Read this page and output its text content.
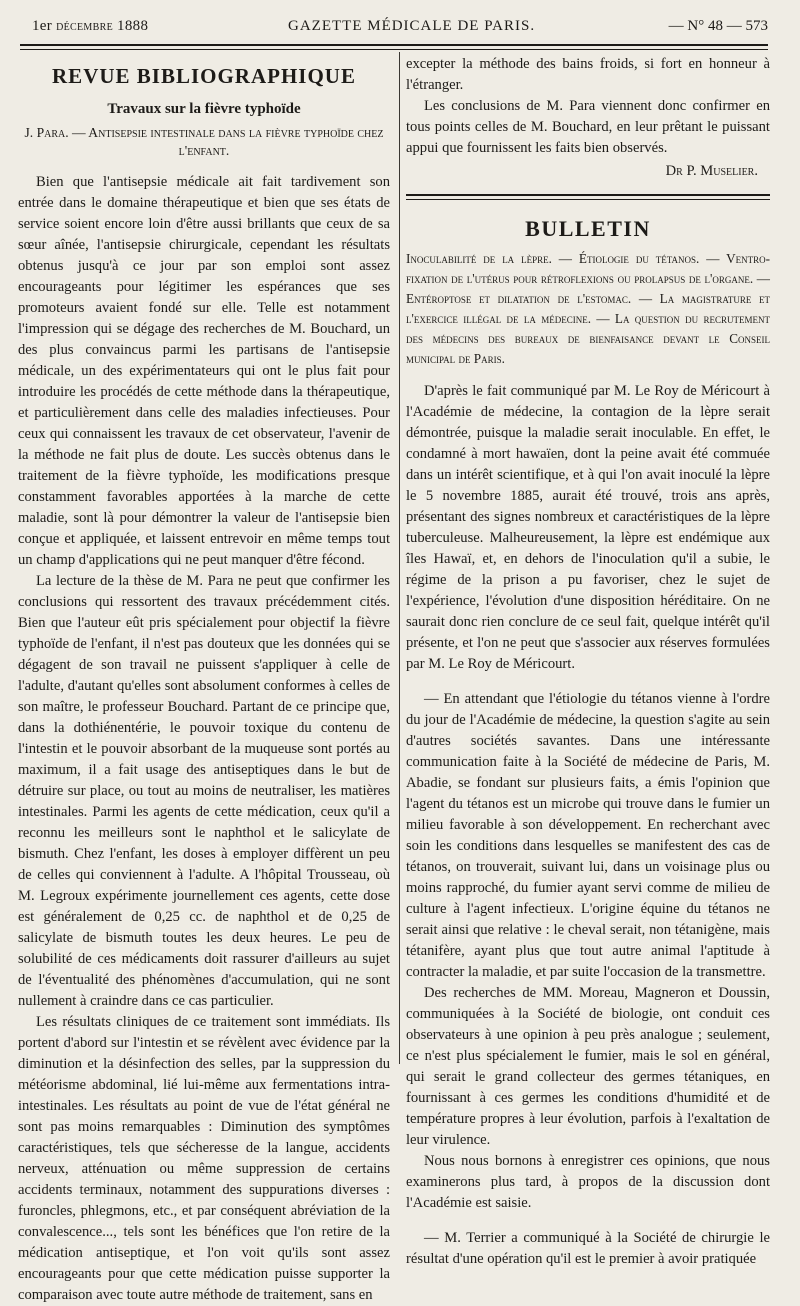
1er décembre 1888	GAZETTE MÉDICALE DE PARIS.	— N° 48 — 573
REVUE BIBLIOGRAPHIQUE
Travaux sur la fièvre typhoïde
J. Para. — Antisepsie intestinale dans la fièvre typhoïde chez l'enfant.

Bien que l'antisepsie médicale ait fait tardivement son entrée dans le domaine thérapeutique et bien que ses états de service soient encore loin d'être aussi brillants que ceux de sa sœur aînée, l'antisepsie chirurgicale, cependant les résultats obtenus jusqu'à ce jour par son emploi sont assez encourageants pour légitimer les espérances que ses promoteurs avaient fondé sur elle. Telle est notamment l'impression qui se dégage des recherches de M. Bouchard, un des plus convaincus parmi les partisans de l'antisepsie médicale, un des expérimentateurs qui ont le plus fait pour introduire les procédés de cette méthode dans la thérapeutique, et particulièrement dans celle des maladies infectieuses. Pour ceux qui connaissent les travaux de cet observateur, l'avenir de la méthode ne fait plus de doute. Les succès obtenus dans le traitement de la fièvre typhoïde, les modifications presque constamment favorables apportées à la marche de cette maladie, sont là pour démontrer la valeur de l'antisepsie bien conçue et appliquée, et laissent entrevoir en même temps tout un champ d'applications qui ne peut manquer d'être fécond.

La lecture de la thèse de M. Para ne peut que confirmer les conclusions qui ressortent des travaux précédemment cités. Bien que l'auteur eût pris spécialement pour objectif la fièvre typhoïde de l'enfant, il n'est pas douteux que les données qui se dégagent de son travail ne puissent s'appliquer à celle de l'adulte, d'autant qu'elles sont absolument conformes à celles de son maître, le professeur Bouchard. Partant de ce principe que, dans la dothiénentérie, le pouvoir toxique du contenu de l'intestin et le pouvoir absorbant de la muqueuse sont portés au maximum, il a fait usage des antiseptiques dans le but de détruire sur place, ou tout au moins de neutraliser, les matières intestinales. Parmi les agents de cette médication, ceux qu'il a reconnu les meilleurs sont le naphthol et le salicylate de bismuth. Chez l'enfant, les doses à employer diffèrent un peu de celles qui conviennent à l'adulte. A l'hôpital Trousseau, où M. Legroux expérimente journellement ces agents, cette dose est généralement de 0,25 cc. de naphthol et de 0,25 de salicylate de bismuth toutes les deux heures. Le peu de solubilité de ces médicaments doit rassurer d'ailleurs au sujet de l'éventualité des phénomènes d'accumulation, qui ne sont nullement à craindre dans ce cas particulier.

Les résultats cliniques de ce traitement sont immédiats. Ils portent d'abord sur l'intestin et se révèlent avec évidence par la diminution et la désinfection des selles, par la suppression du météorisme abdominal, lié lui-même aux fermentations intra-intestinales. Les résultats au point de vue de l'état général ne sont pas moins remarquables : Diminution des symptômes caractéristiques, tels que sécheresse de la langue, accidents nerveux, atténuation ou même suppression de certains accidents terminaux, notamment des suppurations diverses : furoncles, phlegmons, etc., et par conséquent abréviation de la convalescence..., tels sont les bénéfices que l'on retire de la médication antiseptique, et l'on voit qu'ils sont assez encourageants pour que cette médication puisse supporter la comparaison avec toute autre méthode de traitement, sans en

excepter la méthode des bains froids, si fort en honneur à l'étranger.

Les conclusions de M. Para viennent donc confirmer en tous points celles de M. Bouchard, en leur prêtant le puissant appui que fournissent les faits bien observés.

Dr P. Muselier.
BULLETIN
Inoculabilité de la lèpre. — Étiologie du tétanos. — Ventro-fixation de l'utérus pour rétroflexions ou prolapsus de l'organe. — Entéroptose et dilatation de l'estomac. — La magistrature et l'exercice illégal de la médecine. — La question du recrutement des médecins des bureaux de bienfaisance devant le Conseil municipal de Paris.

D'après le fait communiqué par M. Le Roy de Méricourt à l'Académie de médecine, la contagion de la lèpre serait démontrée, puisque la maladie serait inoculable. En effet, le condamné à mort hawaïen, dont la peine avait été commuée dans un intérêt scientifique, et à qui l'on avait inoculé la lèpre le 5 novembre 1885, aurait été trouvé, trois ans après, présentant des signes nombreux et caractéristiques de la lèpre tuberculeuse. Malheureusement, la lèpre est endémique aux îles Hawaï, et, en dehors de l'inoculation qu'il a subie, le régime de la prison a pu favoriser, chez le sujet de l'expérience, l'évolution d'une disposition héréditaire. On ne saurait donc rien conclure de ce seul fait, quelque intérêt qu'il présente, et l'on ne peut que s'associer aux réserves formulées par M. Le Roy de Méricourt.

— En attendant que l'étiologie du tétanos vienne à l'ordre du jour de l'Académie de médecine, la question s'agite au sein d'autres sociétés savantes. Dans une intéressante communication faite à la Société de médecine de Paris, M. Abadie, se fondant sur plusieurs faits, a émis l'opinion que l'agent du tétanos est un microbe qui trouve dans le fumier un milieu favorable à son développement. En recherchant avec soin les conditions dans lesquelles se manifestent des cas de tétanos, on trouverait, suivant lui, dans un voisinage plus ou moins rapproché, du fumier ayant servi comme de milieu de culture à l'agent infectieux. L'origine équine du tétanos ne serait ainsi que relative : le cheval serait, non tétanigène, mais tétanifère, ayant plus que tout autre animal l'aptitude à contracter la maladie, et par suite l'occasion de la transmettre.

Des recherches de MM. Moreau, Magneron et Doussin, communiquées à la Société de biologie, ont conduit ces observateurs à une opinion à peu près analogue ; seulement, ce n'est plus spécialement le fumier, mais le sol en général, qui serait le grand collecteur des germes tétaniques, en fournissant à ces germes les conditions d'humidité et de température propres à leur évolution, parfois à l'exaltation de leur virulence.

Nous nous bornons à enregistrer ces opinions, que nous examinerons plus tard, à propos de la discussion dont l'Académie est saisie.

— M. Terrier a communiqué à la Société de chirurgie le résultat d'une opération qu'il est le premier à avoir pratiquée
